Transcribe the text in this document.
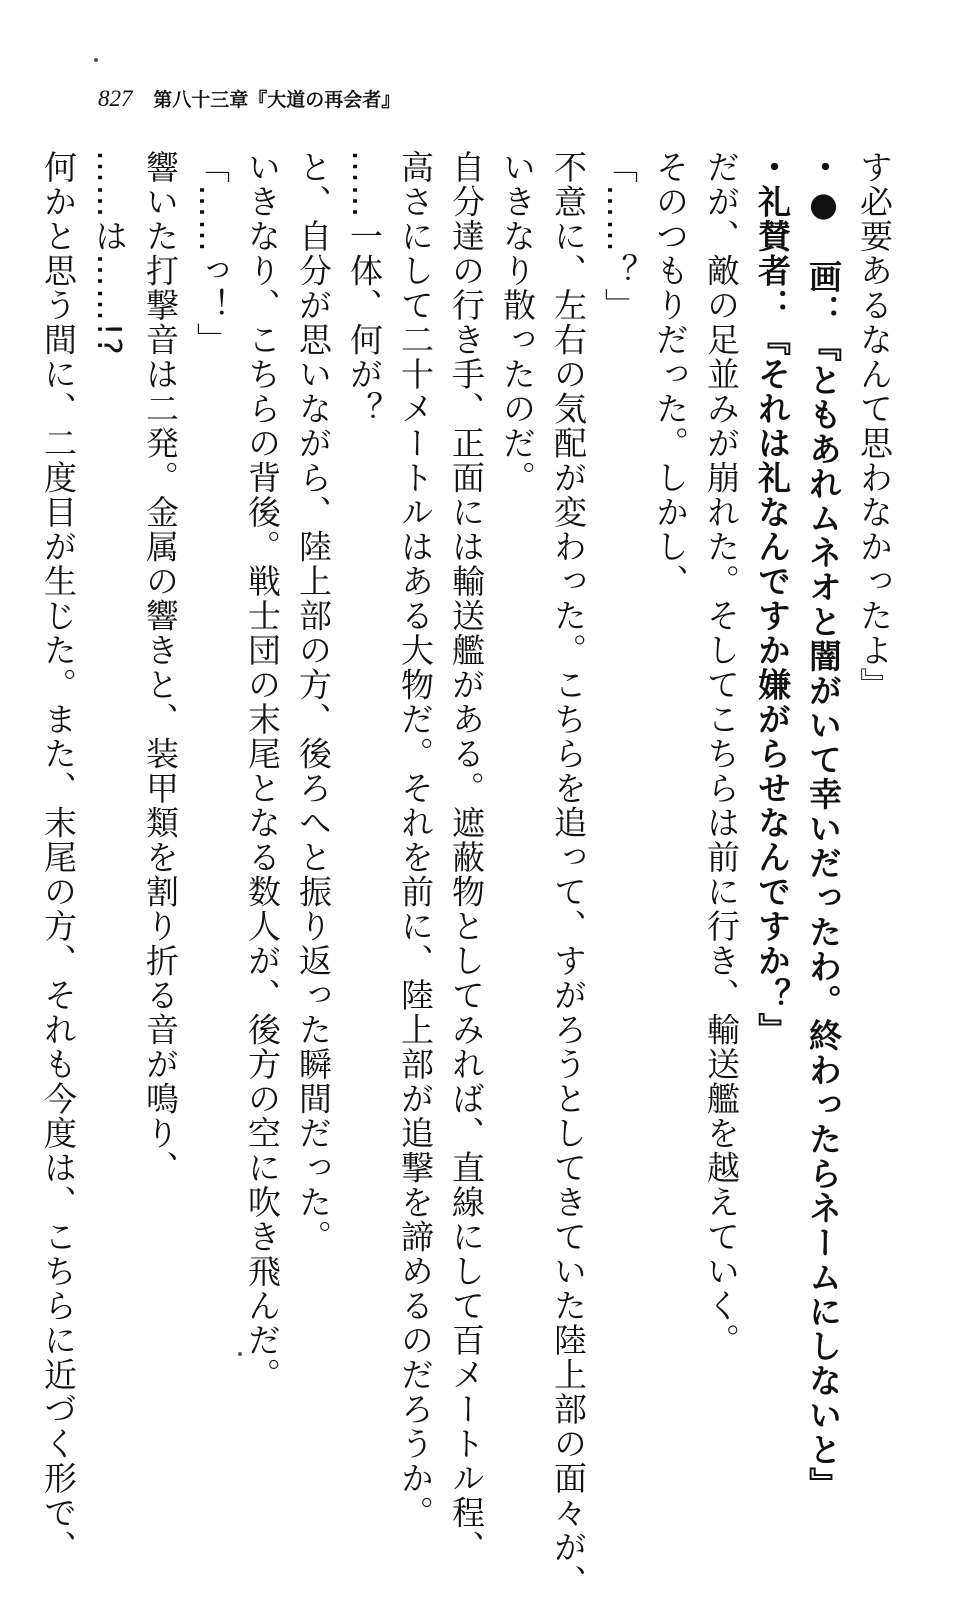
827 第八十三章『大道の再会者』
す必要あるなんて思わなかったよ』
・●　画：『ともあれムネオと闇がいて幸いだったわ。終わったらネームにしないと』
・礼賛者：『それは礼なんですか嫌がらせなんですか？』
だが、敵の足並みが崩れた。そしてこちらは前に行き、輸送艦を越えていく。
そのつもりだった。しかし、
「……？」
不意に、左右の気配が変わった。こちらを追って、すがろうとしてきていた陸上部の面々が、
いきなり散ったのだ。
自分達の行き手、正面には輸送艦がある。遮蔽物としてみれば、直線にして百メートル程、
高さにして二十メートルはある大物だ。それを前に、陸上部が追撃を諦めるのだろうか。
……一体、何が？
と、自分が思いながら、陸上部の方、後ろへと振り返った瞬間だった。
いきなり、こちらの背後。戦士団の末尾となる数人が、後方の空に吹き飛んだ。
「……っ！」
響いた打撃音は二発。金属の響きと、装甲類を割り折る音が鳴り、
……は……!?
何かと思う間に、二度目が生じた。また、末尾の方、それも今度は、こちらに近づく形で、
